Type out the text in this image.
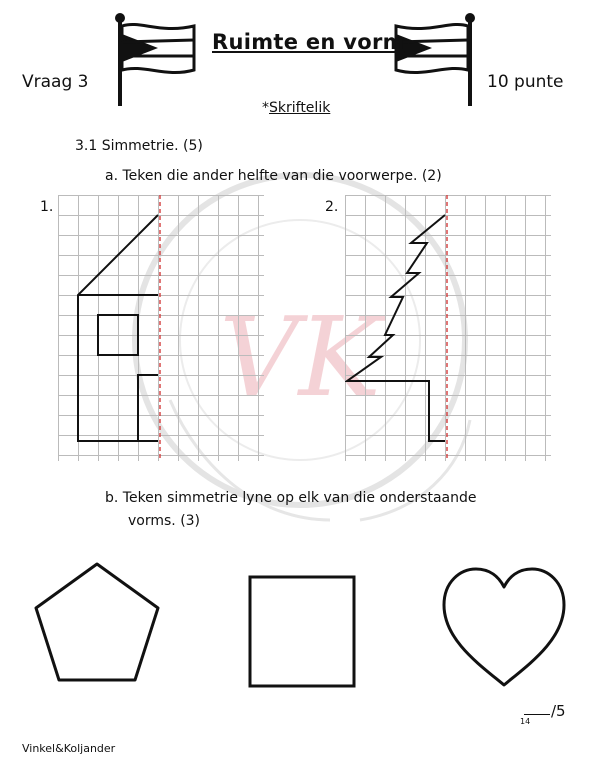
VK
Ruimte en vorm
Vraag 3	10 punte
*Skriftelik
3.1 Simmetrie. (5)
a. Teken die ander helfte van die voorwerpe. (2)
1.	2.
b. Teken simmetrie lyne op elk van die onderstaande
vorms. (3)
14
/5
Vinkel&Koljander
